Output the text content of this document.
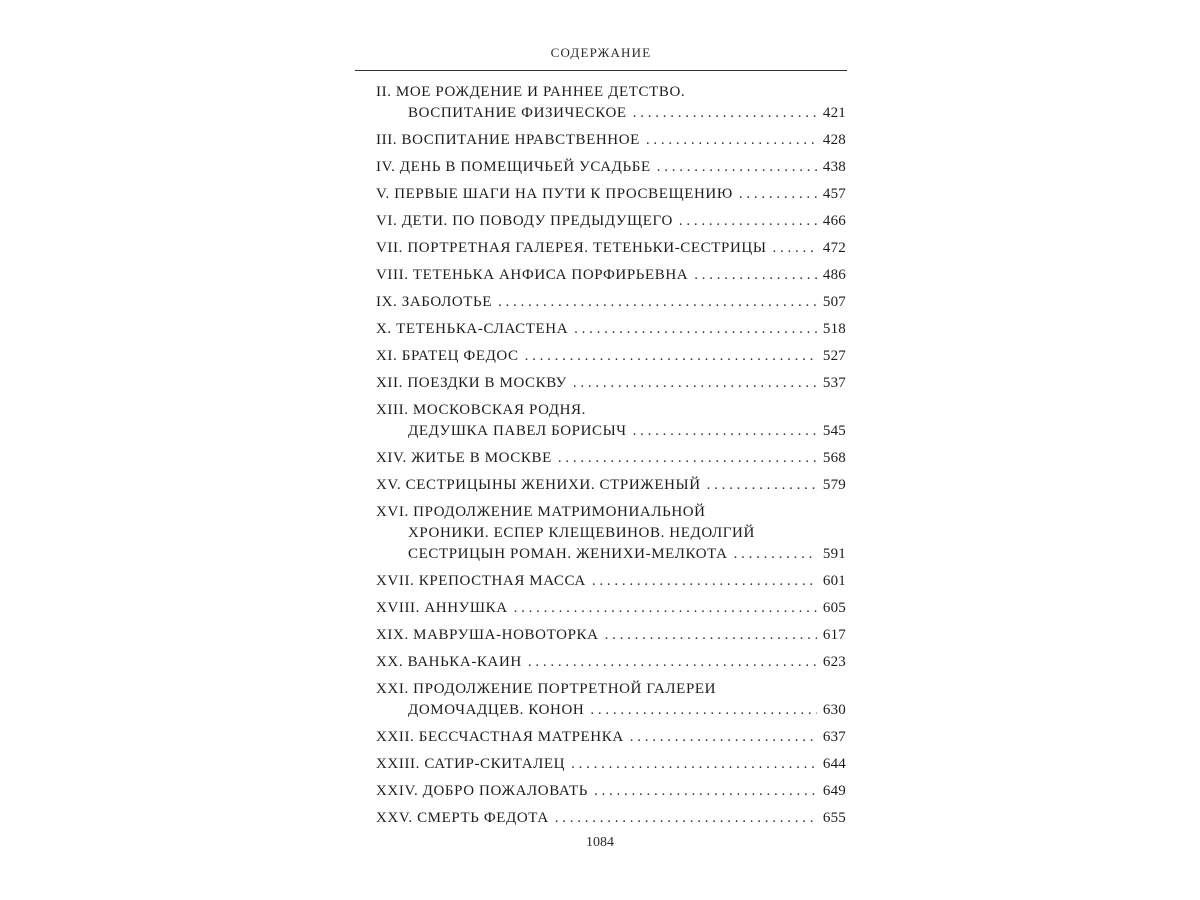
СОДЕРЖАНИЕ
II. МОЕ РОЖДЕНИЕ И РАННЕЕ ДЕТСТВО.
ВОСПИТАНИЕ ФИЗИЧЕСКОЕ . . .	421
III. ВОСПИТАНИЕ НРАВСТВЕННОЕ . . .	428
IV. ДЕНЬ В ПОМЕЩИЧЬЕЙ УСАДЬБЕ . . .	438
V. ПЕРВЫЕ ШАГИ НА ПУТИ К ПРОСВЕЩЕНИЮ . . .	457
VI. ДЕТИ. ПО ПОВОДУ ПРЕДЫДУЩЕГО . . .	466
VII. ПОРТРЕТНАЯ ГАЛЕРЕЯ. ТЕТЕНЬКИ-СЕСТРИЦЫ . . .	472
VIII. ТЕТЕНЬКА АНФИСА ПОРФИРЬЕВНА . . .	486
IX. ЗАБОЛОТЬЕ . . .	507
X. ТЕТЕНЬКА-СЛАСТЕНА . . .	518
XI. БРАТЕЦ ФЕДОС . . .	527
XII. ПОЕЗДКИ В МОСКВУ . . .	537
XIII. МОСКОВСКАЯ РОДНЯ.
ДЕДУШКА ПАВЕЛ БОРИСЫЧ . . .	545
XIV. ЖИТЬЕ В МОСКВЕ . . .	568
XV. СЕСТРИЦЫНЫ ЖЕНИХИ. СТРИЖЕНЫЙ . . .	579
XVI. ПРОДОЛЖЕНИЕ МАТРИМОНИАЛЬНОЙ
ХРОНИКИ. ЕСПЕР КЛЕЩЕВИНОВ. НЕДОЛГИЙ
СЕСТРИЦЫН РОМАН. ЖЕНИХИ-МЕЛКОТА . . .	591
XVII. КРЕПОСТНАЯ МАССА . . .	601
XVIII. АННУШКА . . .	605
XIX. МАВРУША-НОВОТОРКА . . .	617
XX. ВАНЬКА-КАИН . . .	623
XXI. ПРОДОЛЖЕНИЕ ПОРТРЕТНОЙ ГАЛЕРЕИ
ДОМОЧАДЦЕВ. КОНОН . . .	630
XXII. БЕССЧАСТНАЯ МАТРЕНКА . . .	637
XXIII. САТИР-СКИТАЛЕЦ . . .	644
XXIV. ДОБРО ПОЖАЛОВАТЬ . . .	649
XXV. СМЕРТЬ ФЕДОТА . . .	655
1084
